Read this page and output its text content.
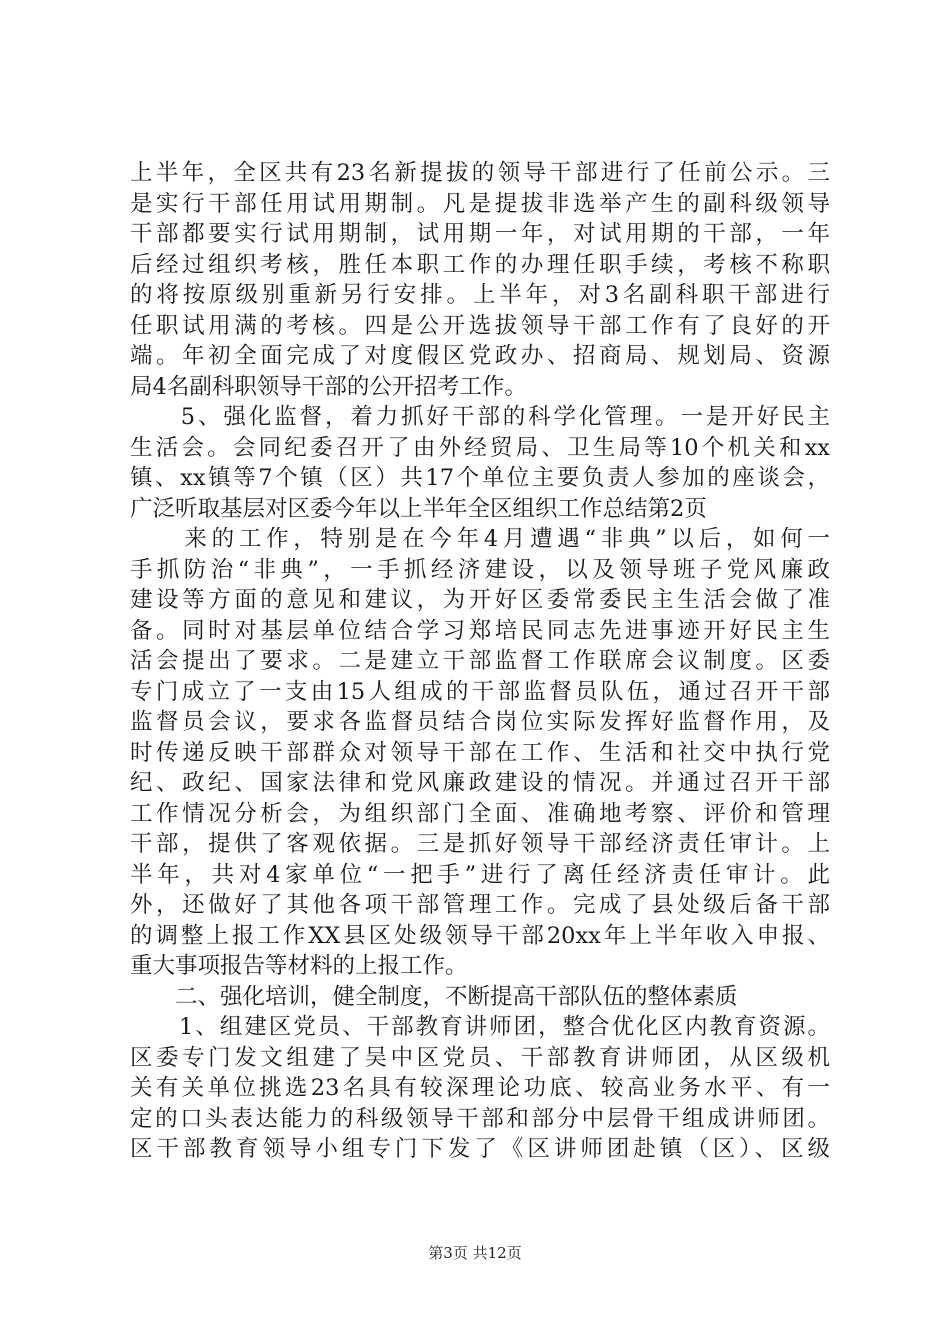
上半年，全区共有23名新提拔的领导干部进行了任前公示。三
是实行干部任用试用期制。凡是提拔非选举产生的副科级领导
干部都要实行试用期制，试用期一年，对试用期的干部，一年
后经过组织考核，胜任本职工作的办理任职手续，考核不称职
的将按原级别重新另行安排。上半年，对3名副科职干部进行
任职试用满的考核。四是公开选拔领导干部工作有了良好的开
端。年初全面完成了对度假区党政办、招商局、规划局、资源
局4名副科职领导干部的公开招考工作。
　　5、强化监督，着力抓好干部的科学化管理。一是开好民主
生活会。会同纪委召开了由外经贸局、卫生局等10个机关和xx
镇、xx镇等7个镇（区）共17个单位主要负责人参加的座谈会，
广泛听取基层对区委今年以上半年全区组织工作总结第2页
　　来的工作，特别是在今年4月遭遇“非典”以后，如何一
手抓防治“非典”，一手抓经济建设，以及领导班子党风廉政
建设等方面的意见和建议，为开好区委常委民主生活会做了准
备。同时对基层单位结合学习郑培民同志先进事迹开好民主生
活会提出了要求。二是建立干部监督工作联席会议制度。区委
专门成立了一支由15人组成的干部监督员队伍，通过召开干部
监督员会议，要求各监督员结合岗位实际发挥好监督作用，及
时传递反映干部群众对领导干部在工作、生活和社交中执行党
纪、政纪、国家法律和党风廉政建设的情况。并通过召开干部
工作情况分析会，为组织部门全面、准确地考察、评价和管理
干部，提供了客观依据。三是抓好领导干部经济责任审计。上
半年，共对4家单位“一把手”进行了离任经济责任审计。此
外，还做好了其他各项干部管理工作。完成了县处级后备干部
的调整上报工作XX县区处级领导干部20xx年上半年收入申报、
重大事项报告等材料的上报工作。
　　二、强化培训，健全制度，不断提高干部队伍的整体素质
　　1、组建区党员、干部教育讲师团，整合优化区内教育资源。
区委专门发文组建了吴中区党员、干部教育讲师团，从区级机
关有关单位挑选23名具有较深理论功底、较高业务水平、有一
定的口头表达能力的科级领导干部和部分中层骨干组成讲师团。
区干部教育领导小组专门下发了《区讲师团赴镇（区）、区级
第3页 共12页
